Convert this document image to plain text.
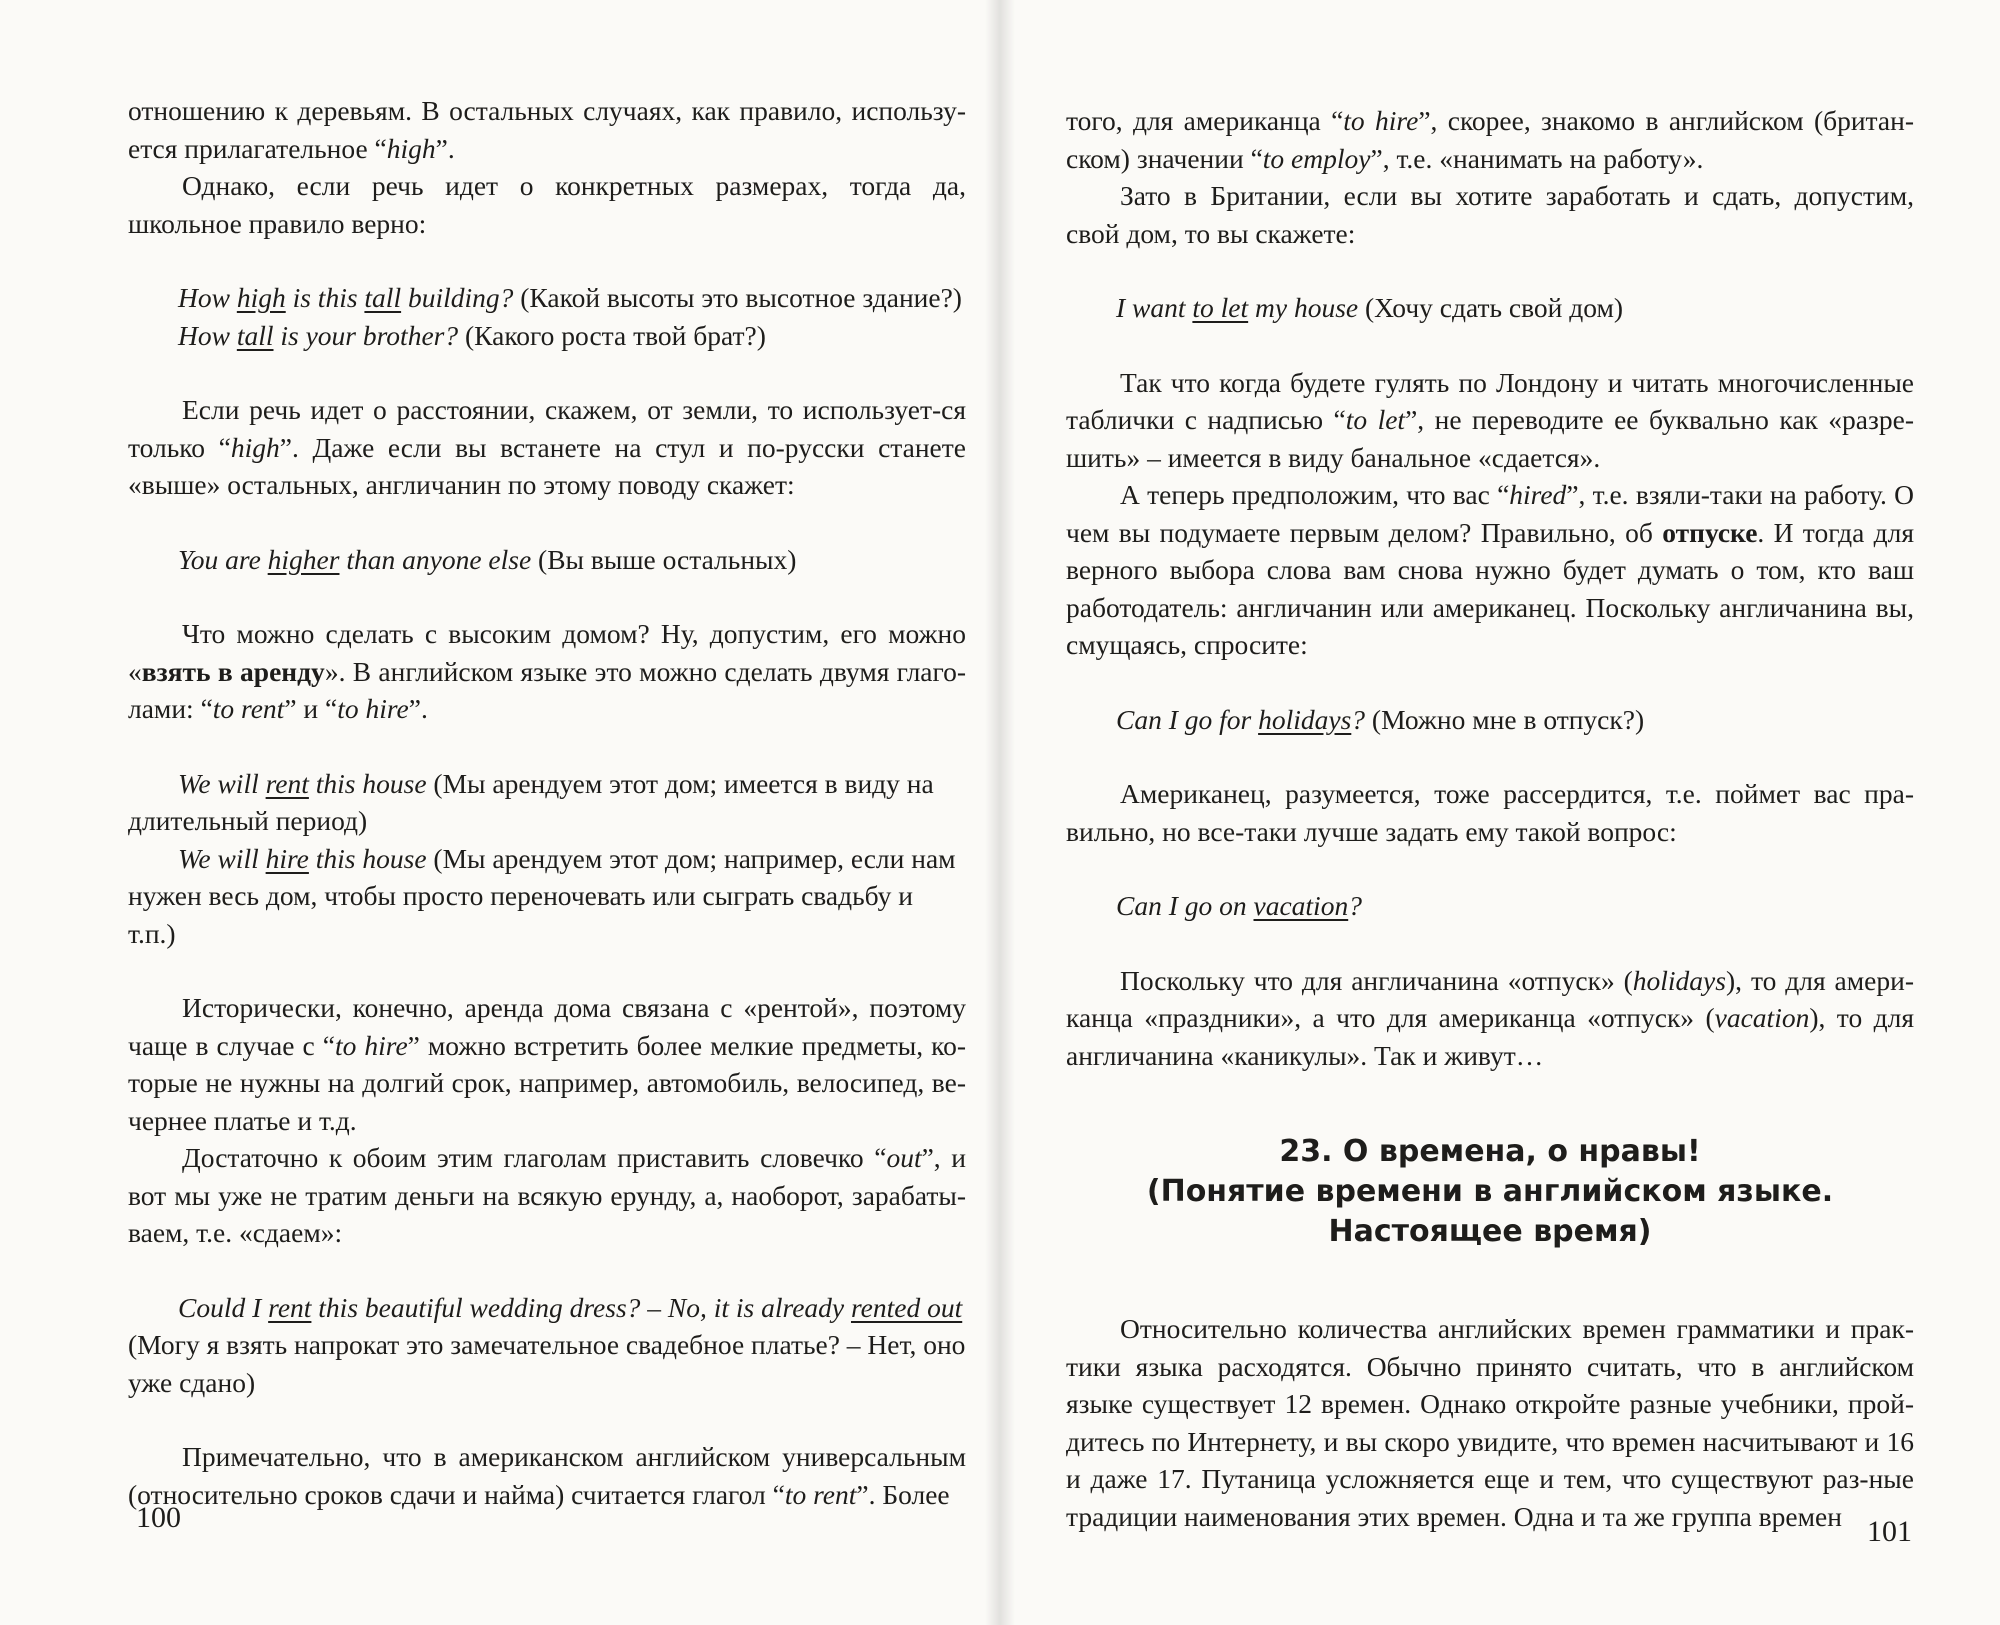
отношению к деревьям. В остальных случаях, как правило, использу-ется прилагательное “high”.

Однако, если речь идет о конкретных размерах, тогда да, школьное правило верно:

How high is this tall building? (Какой высоты это высотное здание?)

How tall is your brother? (Какого роста твой брат?)

Если речь идет о расстоянии, скажем, от земли, то использует-ся только “high”. Даже если вы встанете на стул и по-русски станете «выше» остальных, англичанин по этому поводу скажет:

You are higher than anyone else (Вы выше остальных)

Что можно сделать с высоким домом? Ну, допустим, его можно «взять в аренду». В английском языке это можно сделать двумя глаго-лами: “to rent” и “to hire”.

We will rent this house (Мы арендуем этот дом; имеется в виду на длительный период)

We will hire this house (Мы арендуем этот дом; например, если нам нужен весь дом, чтобы просто переночевать или сыграть свадьбу и т.п.)

Исторически, конечно, аренда дома связана с «рентой», поэтому чаще в случае с “to hire” можно встретить более мелкие предметы, ко-торые не нужны на долгий срок, например, автомобиль, велосипед, ве-чернее платье и т.д.

Достаточно к обоим этим глаголам приставить словечко “out”, и вот мы уже не тратим деньги на всякую ерунду, а, наоборот, зарабаты-ваем, т.е. «сдаем»:

Could I rent this beautiful wedding dress? – No, it is already rented out (Могу я взять напрокат это замечательное свадебное платье? – Нет, оно уже сдано)

Примечательно, что в американском английском универсальным (относительно сроков сдачи и найма) считается глагол “to rent”. Более

100

того, для американца “to hire”, скорее, знакомо в английском (британ-ском) значении “to employ”, т.е. «нанимать на работу».

Зато в Британии, если вы хотите заработать и сдать, допустим, свой дом, то вы скажете:

I want to let my house (Хочу сдать свой дом)

Так что когда будете гулять по Лондону и читать многочисленные таблички с надписью “to let”, не переводите ее буквально как «разре-шить» – имеется в виду банальное «сдается».

А теперь предположим, что вас “hired”, т.е. взяли-таки на работу. О чем вы подумаете первым делом? Правильно, об отпуске. И тогда для верного выбора слова вам снова нужно будет думать о том, кто ваш работодатель: англичанин или американец. Поскольку англичанина вы, смущаясь, спросите:

Can I go for holidays? (Можно мне в отпуск?)

Американец, разумеется, тоже рассердится, т.е. поймет вас пра-вильно, но все-таки лучше задать ему такой вопрос:

Can I go on vacation?

Поскольку что для англичанина «отпуск» (holidays), то для амери-канца «праздники», а что для американца «отпуск» (vacation), то для англичанина «каникулы». Так и живут…

23. О времена, о нравы!
(Понятие времени в английском языке.
Настоящее время)

Относительно количества английских времен грамматики и прак-тики языка расходятся. Обычно принято считать, что в английском языке существует 12 времен. Однако откройте разные учебники, прой-дитесь по Интернету, и вы скоро увидите, что времен насчитывают и 16 и даже 17. Путаница усложняется еще и тем, что существуют раз-ные традиции наименования этих времен. Одна и та же группа времен 101
